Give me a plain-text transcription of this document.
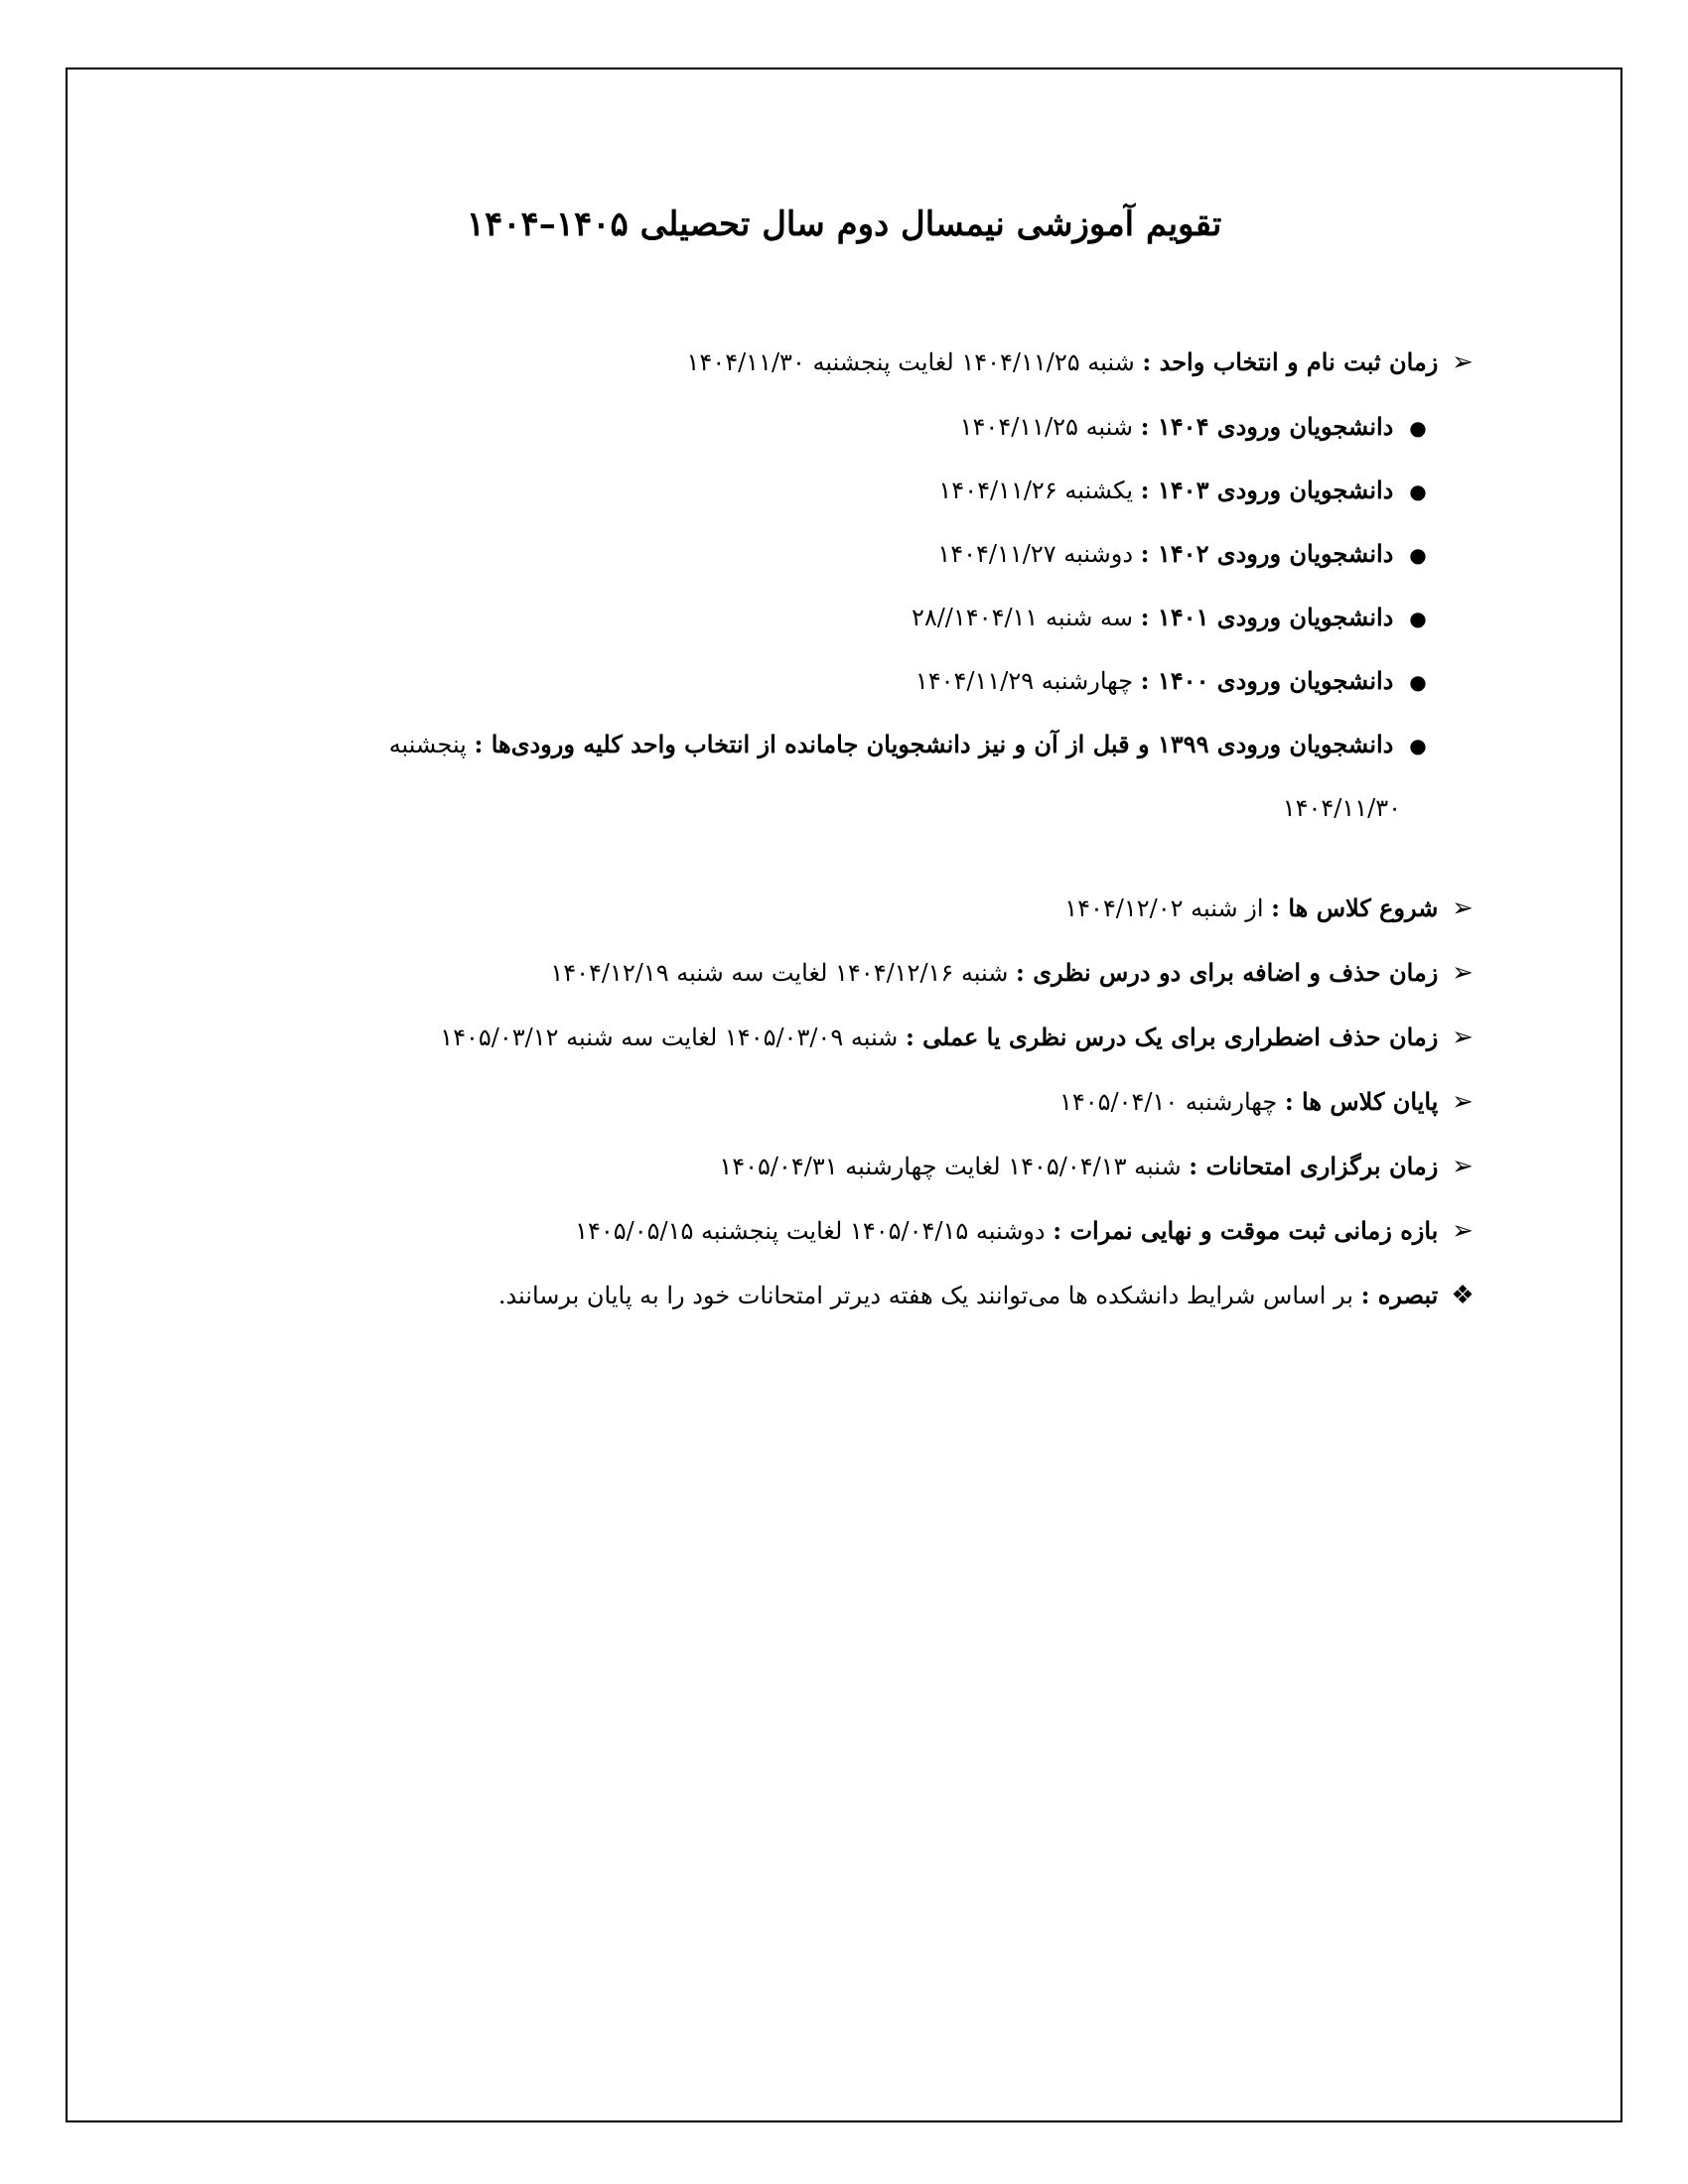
تقویم آموزشی نیمسال دوم سال تحصیلی ۱۴۰۵–۱۴۰۴
➢ زمان ثبت نام و انتخاب واحد : شنبه ۱۴۰۴/۱۱/۲۵ لغایت پنجشنبه ۱۴۰۴/۱۱/۳۰
● دانشجویان ورودی ۱۴۰۴ : شنبه ۱۴۰۴/۱۱/۲۵
● دانشجویان ورودی ۱۴۰۳ : یکشنبه ۱۴۰۴/۱۱/۲۶
● دانشجویان ورودی ۱۴۰۲ : دوشنبه ۱۴۰۴/۱۱/۲۷
● دانشجویان ورودی ۱۴۰۱ : سه شنبه ۱۴۰۴/۱۱//۲۸
● دانشجویان ورودی ۱۴۰۰ : چهارشنبه ۱۴۰۴/۱۱/۲۹
● دانشجویان ورودی ۱۳۹۹ و قبل از آن و نیز دانشجویان جامانده از انتخاب واحد کلیه ورودی‌ها : پنجشنبه
۱۴۰۴/۱۱/۳۰
➢ شروع کلاس ها : از شنبه ۱۴۰۴/۱۲/۰۲
➢ زمان حذف و اضافه برای دو درس نظری : شنبه ۱۴۰۴/۱۲/۱۶ لغایت سه شنبه ۱۴۰۴/۱۲/۱۹
➢ زمان حذف اضطراری برای یک درس نظری یا عملی : شنبه ۱۴۰۵/۰۳/۰۹ لغایت سه شنبه ۱۴۰۵/۰۳/۱۲
➢ پایان کلاس ها : چهارشنبه ۱۴۰۵/۰۴/۱۰
➢ زمان برگزاری امتحانات : شنبه ۱۴۰۵/۰۴/۱۳ لغایت چهارشنبه ۱۴۰۵/۰۴/۳۱
➢ بازه زمانی ثبت موقت و نهایی نمرات : دوشنبه ۱۴۰۵/۰۴/۱۵ لغایت پنجشنبه ۱۴۰۵/۰۵/۱۵
❖ تبصره : بر اساس شرایط دانشکده ها می‌توانند یک هفته دیرتر امتحانات خود را به پایان برسانند.
